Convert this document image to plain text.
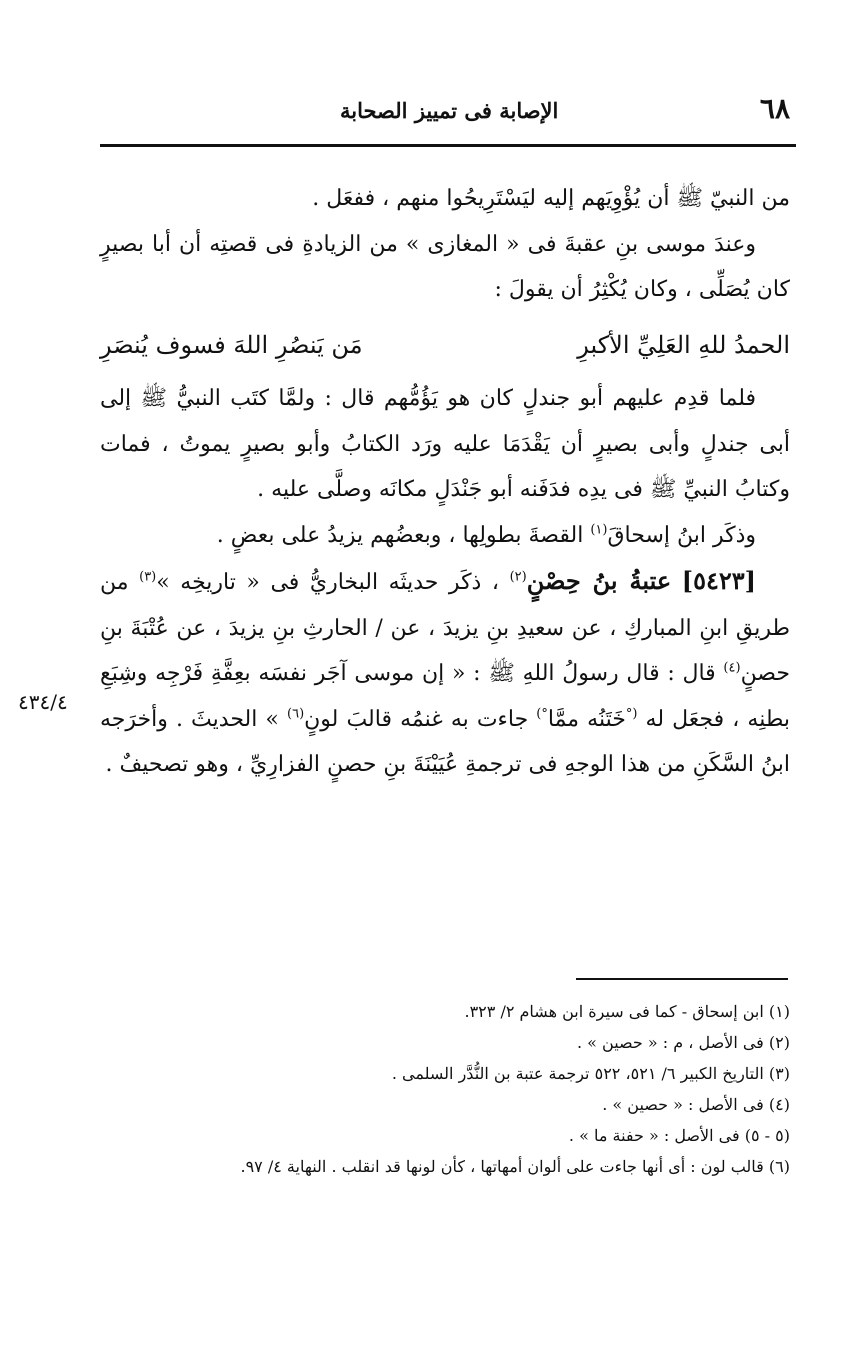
٦٨
الإصابة فى تمييز الصحابة

من النبيّ ﷺ أن يُؤْوِيَهم إليه ليَسْتَرِيحُوا منهم ، ففعَل .

وعندَ موسى بنِ عقبةَ فى « المغازى » من الزيادةِ فى قصتِه أن أبا بصيرٍ كان يُصَلِّى ، وكان يُكْثِرُ أن يقولَ :

الحمدُ للهِ العَلِيِّ الأكبرِ
مَن يَنصُرِ اللهَ فسوف يُنصَرِ

فلما قدِم عليهم أبو جندلٍ كان هو يَؤُمُّهم قال : ولمَّا كتَب النبيُّ ﷺ إلى أبى جندلٍ وأبى بصيرٍ أن يَقْدَمَا عليه ورَد الكتابُ وأبو بصيرٍ يموتُ ، فمات وكتابُ النبيِّ ﷺ فى يدِه فدَفَنه أبو جَنْدَلٍ مكانَه وصلَّى عليه .

وذكَر ابنُ إسحاقَ$^{(١)}$ القصةَ بطولِها ، وبعضُهم يزيدُ على بعضٍ .

[٥٤٢٣] عتبةُ بنُ حِصْنٍ$^{(٢)}$ ، ذكَر حديثَه البخاريُّ فى « تاريخِه »$^{(٣)}$ من طريقِ ابنِ المباركِ ، عن سعيدِ بنِ يزيدَ ، عن / الحارثِ بنِ يزيدَ ، عن عُتْبَةَ بنِ حصنٍ$^{(٤)}$ قال : قال رسولُ اللهِ ﷺ : « إن موسى آجَر نفسَه بعِفَّةِ فَرْجِه وشِبَعِ بطنِه ، فجعَل له (°خَتَنُه ممَّا°) جاءت به غنمُه قالبَ لونٍ$^{(٦)}$ » الحديثَ . وأخرَجه ابنُ السَّكَنِ من هذا الوجهِ فى ترجمةِ عُيَيْنَةَ بنِ حصنٍ الفزارِيِّ ، وهو تصحيفٌ .

٤٣٤/٤
(١) ابن إسحاق - كما فى سيرة ابن هشام ٢/ ٣٢٣.
(٢) فى الأصل ، م : « حصين » .
(٣) التاريخ الكبير ٦/ ٥٢١، ٥٢٢ ترجمة عتبة بن النُّدَّر السلمى .
(٤) فى الأصل : « حصين » .
(٥ - ٥) فى الأصل : « حفنة ما » .
(٦) قالب لون : أى أنها جاءت على ألوان أمهاتها ، كأن لونها قد انقلب . النهاية ٤/ ٩٧.
